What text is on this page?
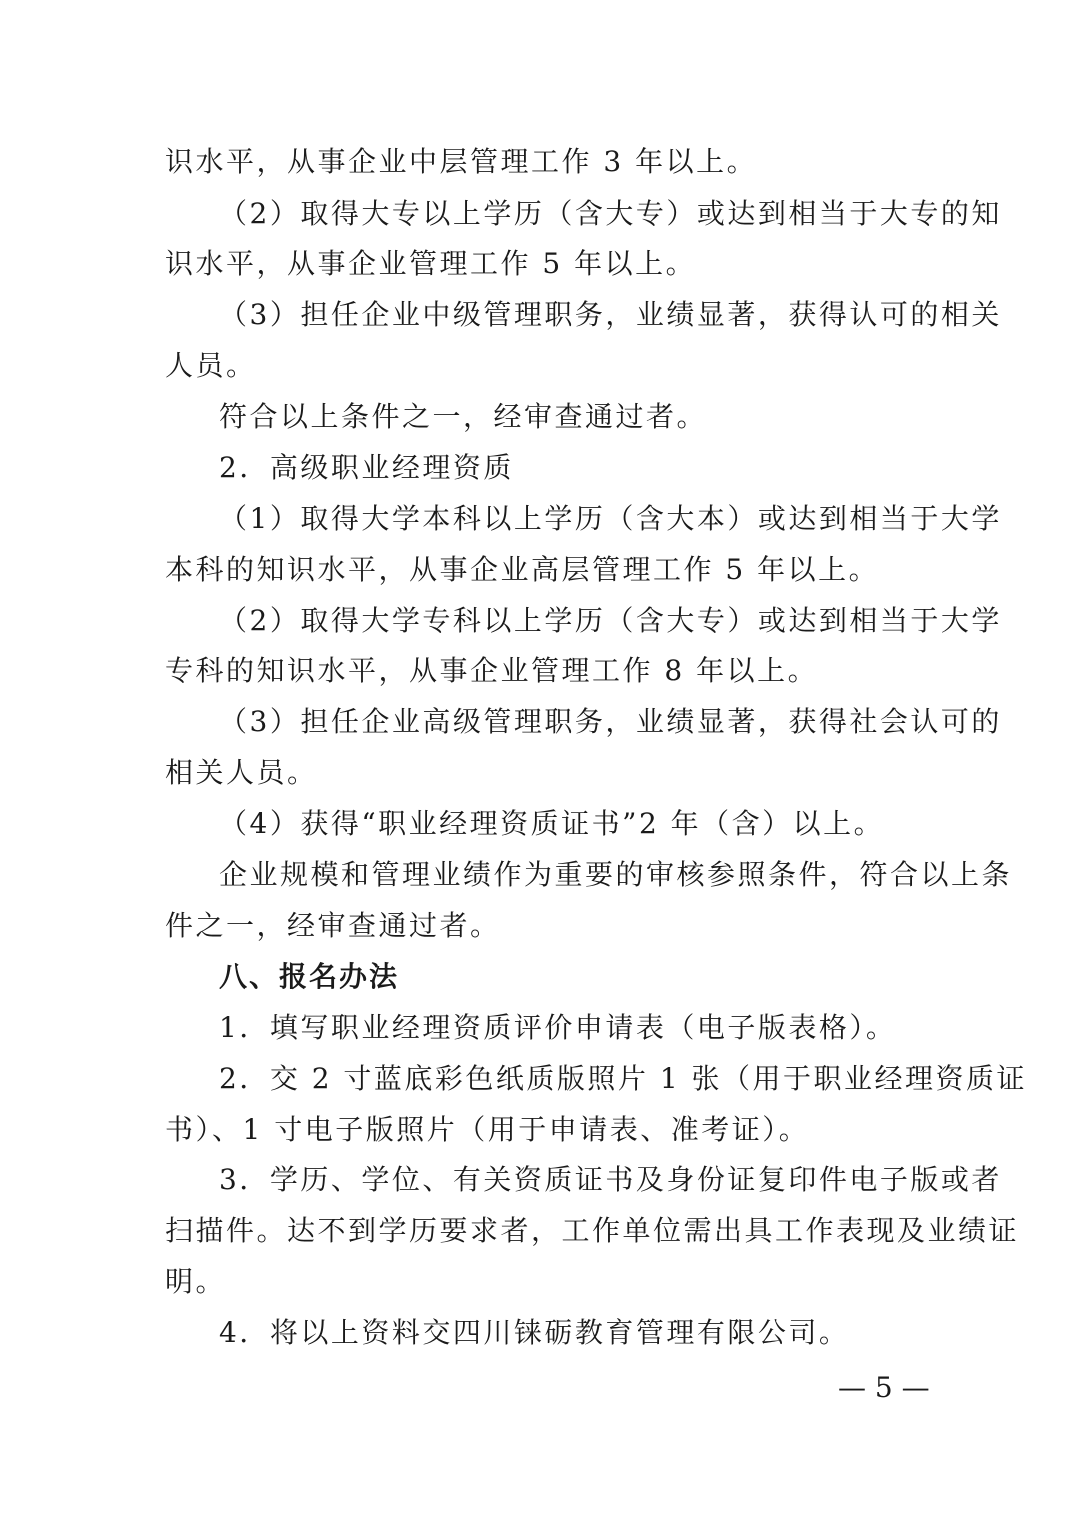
识水平，从事企业中层管理工作 3 年以上。
（2）取得大专以上学历（含大专）或达到相当于大专的知
识水平，从事企业管理工作 5 年以上。
（3）担任企业中级管理职务，业绩显著，获得认可的相关
人员。
符合以上条件之一，经审查通过者。
2．高级职业经理资质
（1）取得大学本科以上学历（含大本）或达到相当于大学
本科的知识水平，从事企业高层管理工作 5 年以上。
（2）取得大学专科以上学历（含大专）或达到相当于大学
专科的知识水平，从事企业管理工作 8 年以上。
（3）担任企业高级管理职务，业绩显著，获得社会认可的
相关人员。
（4）获得“职业经理资质证书”2 年（含）以上。
企业规模和管理业绩作为重要的审核参照条件，符合以上条
件之一，经审查通过者。
八、报名办法
1．填写职业经理资质评价申请表（电子版表格）。
2．交 2 寸蓝底彩色纸质版照片 1 张（用于职业经理资质证
书）、1 寸电子版照片（用于申请表、准考证）。
3．学历、学位、有关资质证书及身份证复印件电子版或者
扫描件。达不到学历要求者，工作单位需出具工作表现及业绩证
明。
4．将以上资料交四川铼砺教育管理有限公司。
— 5 —
